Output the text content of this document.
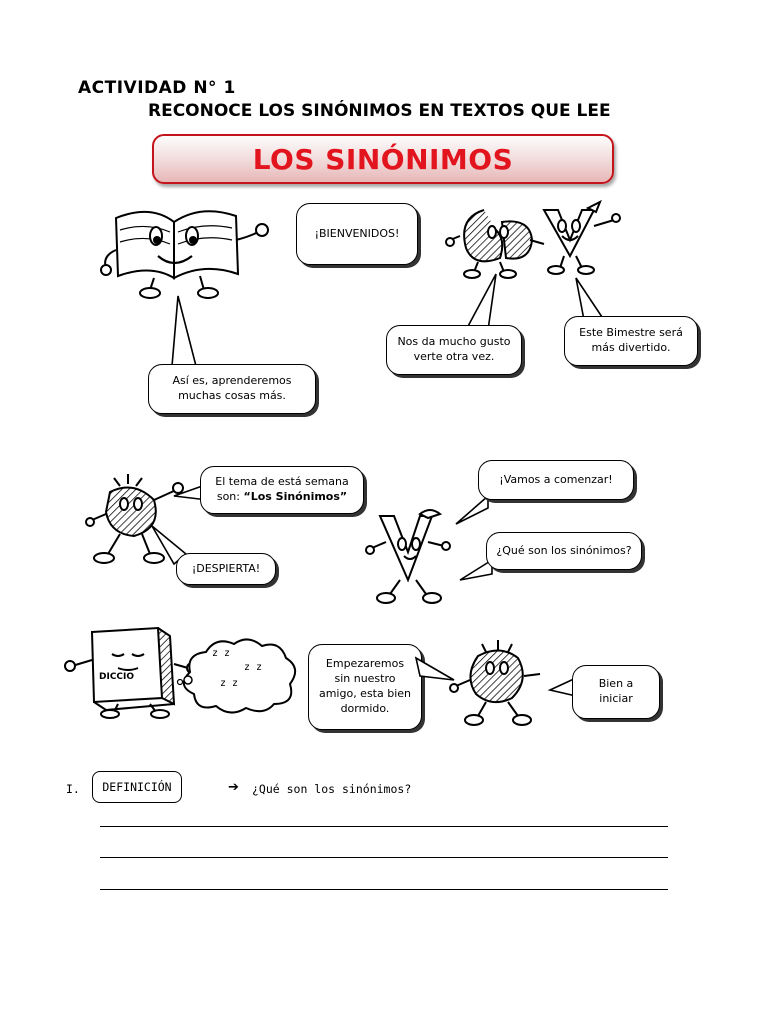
ACTIVIDAD N° 1
RECONOCE LOS SINÓNIMOS EN TEXTOS QUE LEE
LOS SINÓNIMOS
¡BIENVENIDOS!
Así es, aprenderemos
muchas cosas más.
Nos da mucho gusto
verte otra vez.
Este Bimestre será
más divertido.
El tema de está semana
son: “Los Sinónimos”
¡DESPIERTA!
¡Vamos a comenzar!
¿Qué son los sinónimos?
DICCIO
z z
z z
z z
Empezaremos
sin nuestro
amigo, esta bien
dormido.
Bien a
iniciar
I. DEFINICIÓN	➔ ¿Qué son los sinónimos?
